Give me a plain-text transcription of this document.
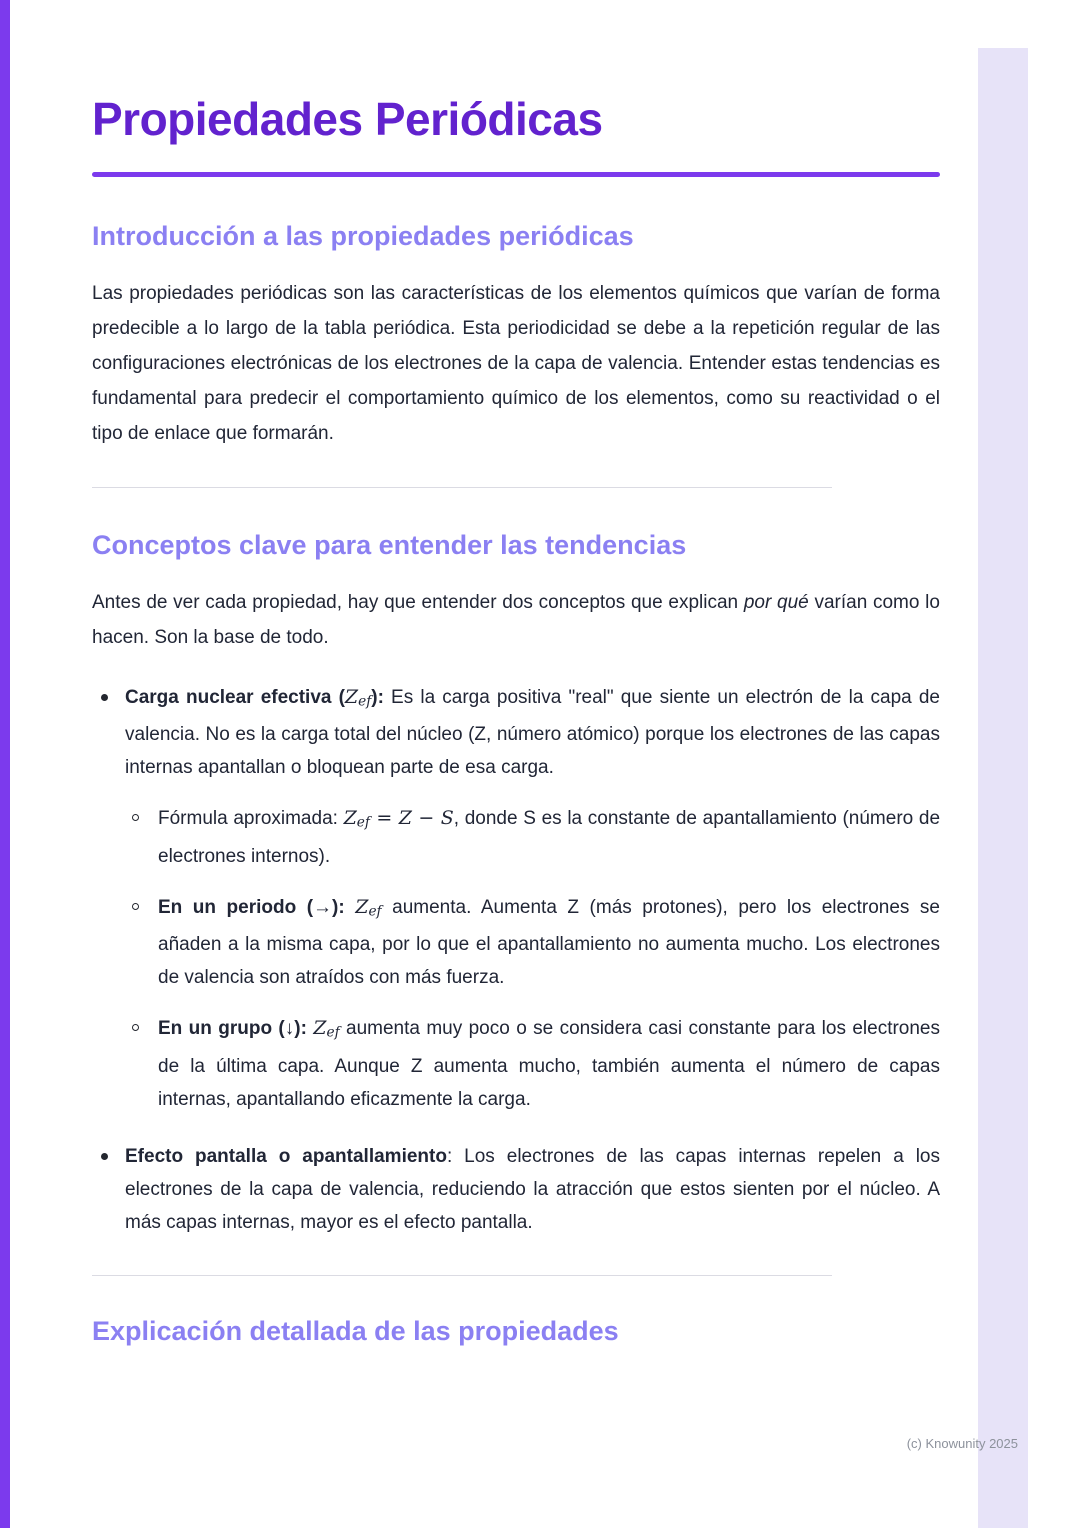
Propiedades Periódicas
Introducción a las propiedades periódicas

Las propiedades periódicas son las características de los elementos químicos que varían de forma predecible a lo largo de la tabla periódica. Esta periodicidad se debe a la repetición regular de las configuraciones electrónicas de los electrones de la capa de valencia. Entender estas tendencias es fundamental para predecir el comportamiento químico de los elementos, como su reactividad o el tipo de enlace que formarán.

Conceptos clave para entender las tendencias

Antes de ver cada propiedad, hay que entender dos conceptos que explican por qué varían como lo hacen. Son la base de todo.

Carga nuclear efectiva (Zef): Es la carga positiva "real" que siente un electrón de la capa de valencia. No es la carga total del núcleo (Z, número atómico) porque los electrones de las capas internas apantallan o bloquean parte de esa carga.
Fórmula aproximada: Zef = Z − S, donde S es la constante de apantallamiento (número de electrones internos).
En un periodo (→): Zef aumenta. Aumenta Z (más protones), pero los electrones se añaden a la misma capa, por lo que el apantallamiento no aumenta mucho. Los electrones de valencia son atraídos con más fuerza.
En un grupo (↓): Zef aumenta muy poco o se considera casi constante para los electrones de la última capa. Aunque Z aumenta mucho, también aumenta el número de capas internas, apantallando eficazmente la carga.
Efecto pantalla o apantallamiento: Los electrones de las capas internas repelen a los electrones de la capa de valencia, reduciendo la atracción que estos sienten por el núcleo. A más capas internas, mayor es el efecto pantalla.
Explicación detallada de las propiedades
(c) Knowunity 2025
